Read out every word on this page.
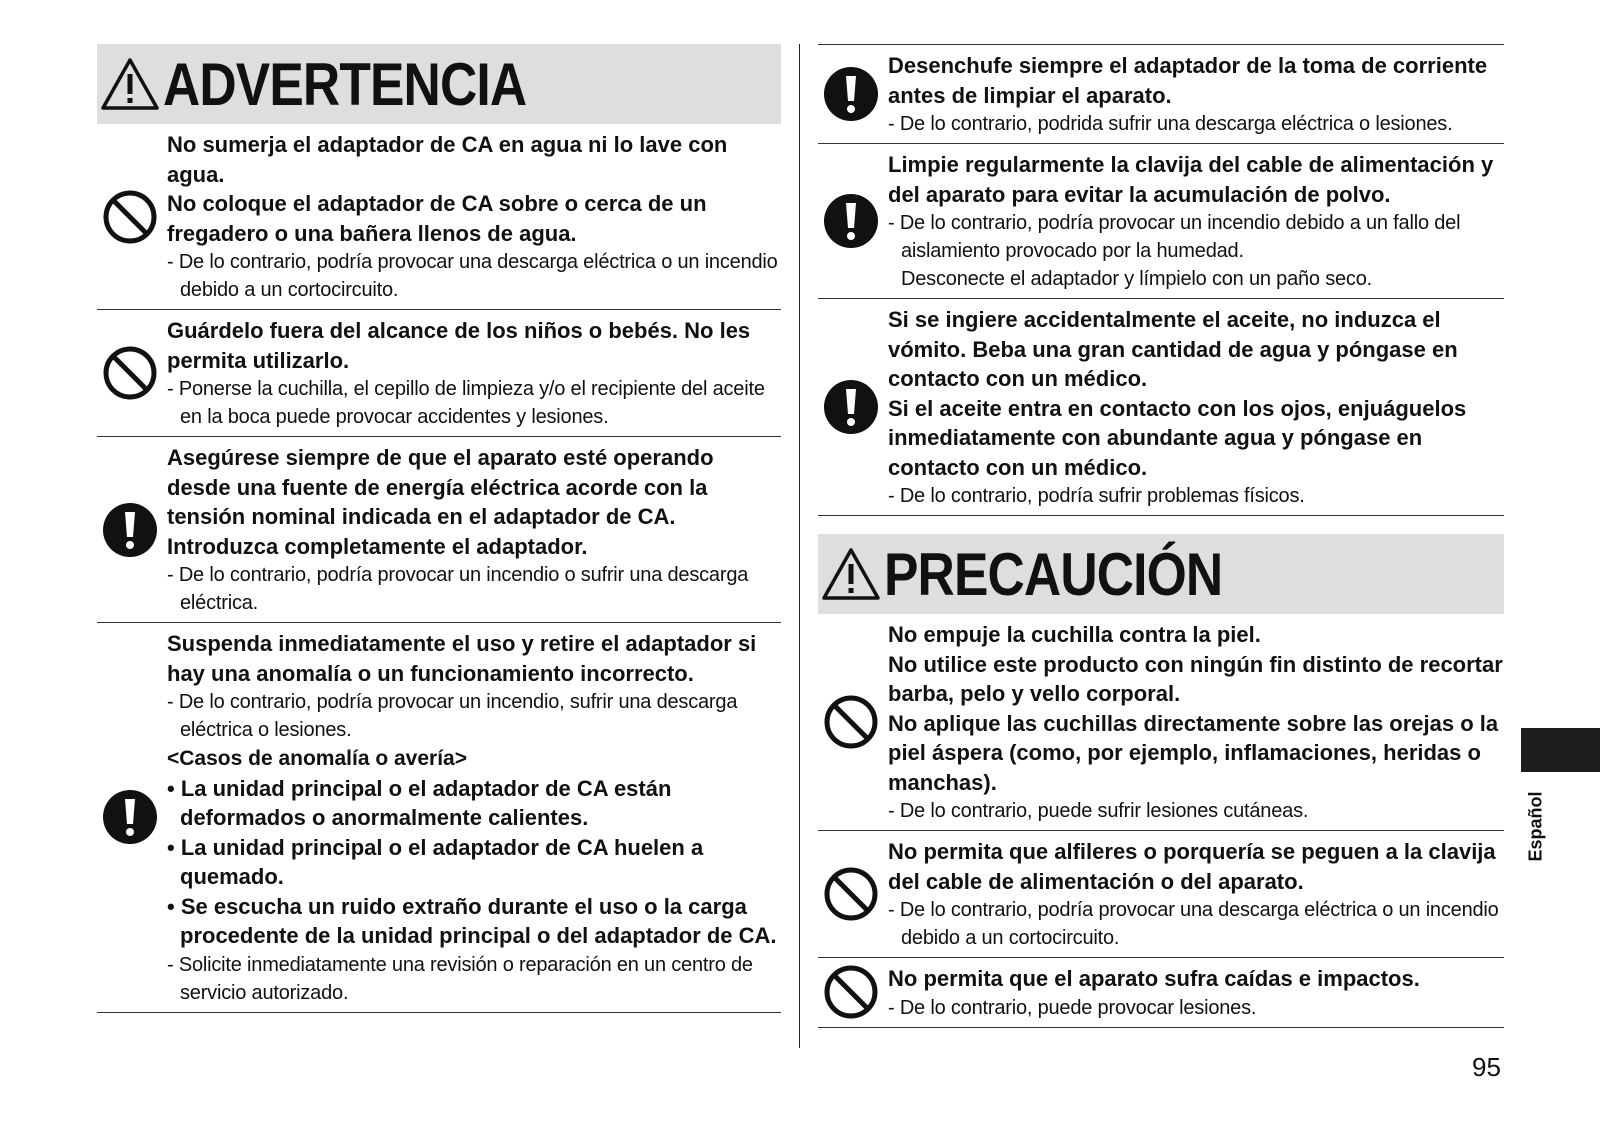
ADVERTENCIA
No sumerja el adaptador de CA en agua ni lo lave con agua.
No coloque el adaptador de CA sobre o cerca de un fregadero o una bañera llenos de agua.
- De lo contrario, podría provocar una descarga eléctrica o un incendio debido a un cortocircuito.
Guárdelo fuera del alcance de los niños o bebés. No les permita utilizarlo.
- Ponerse la cuchilla, el cepillo de limpieza y/o el recipiente del aceite en la boca puede provocar accidentes y lesiones.
Asegúrese siempre de que el aparato esté operando desde una fuente de energía eléctrica acorde con la tensión nominal indicada en el adaptador de CA.
Introduzca completamente el adaptador.
- De lo contrario, podría provocar un incendio o sufrir una descarga eléctrica.
Suspenda inmediatamente el uso y retire el adaptador si hay una anomalía o un funcionamiento incorrecto.
- De lo contrario, podría provocar un incendio, sufrir una descarga eléctrica o lesiones.
<Casos de anomalía o avería>
• La unidad principal o el adaptador de CA están deformados o anormalmente calientes.
• La unidad principal o el adaptador de CA huelen a quemado.
• Se escucha un ruido extraño durante el uso o la carga procedente de la unidad principal o del adaptador de CA.
- Solicite inmediatamente una revisión o reparación en un centro de servicio autorizado.
Desenchufe siempre el adaptador de la toma de corriente antes de limpiar el aparato.
- De lo contrario, podrida sufrir una descarga eléctrica o lesiones.
Limpie regularmente la clavija del cable de alimentación y del aparato para evitar la acumulación de polvo.
- De lo contrario, podría provocar un incendio debido a un fallo del aislamiento provocado por la humedad.
Desconecte el adaptador y límpielo con un paño seco.
Si se ingiere accidentalmente el aceite, no induzca el vómito. Beba una gran cantidad de agua y póngase en contacto con un médico.
Si el aceite entra en contacto con los ojos, enjuáguelos inmediatamente con abundante agua y póngase en contacto con un médico.
- De lo contrario, podría sufrir problemas físicos.
PRECAUCIÓN
No empuje la cuchilla contra la piel.
No utilice este producto con ningún fin distinto de recortar barba, pelo y vello corporal.
No aplique las cuchillas directamente sobre las orejas o la piel áspera (como, por ejemplo, inflamaciones, heridas o manchas).
- De lo contrario, puede sufrir lesiones cutáneas.
No permita que alfileres o porquería se peguen a la clavija del cable de alimentación o del aparato.
- De lo contrario, podría provocar una descarga eléctrica o un incendio debido a un cortocircuito.
No permita que el aparato sufra caídas e impactos.
- De lo contrario, puede provocar lesiones.
Español
95
